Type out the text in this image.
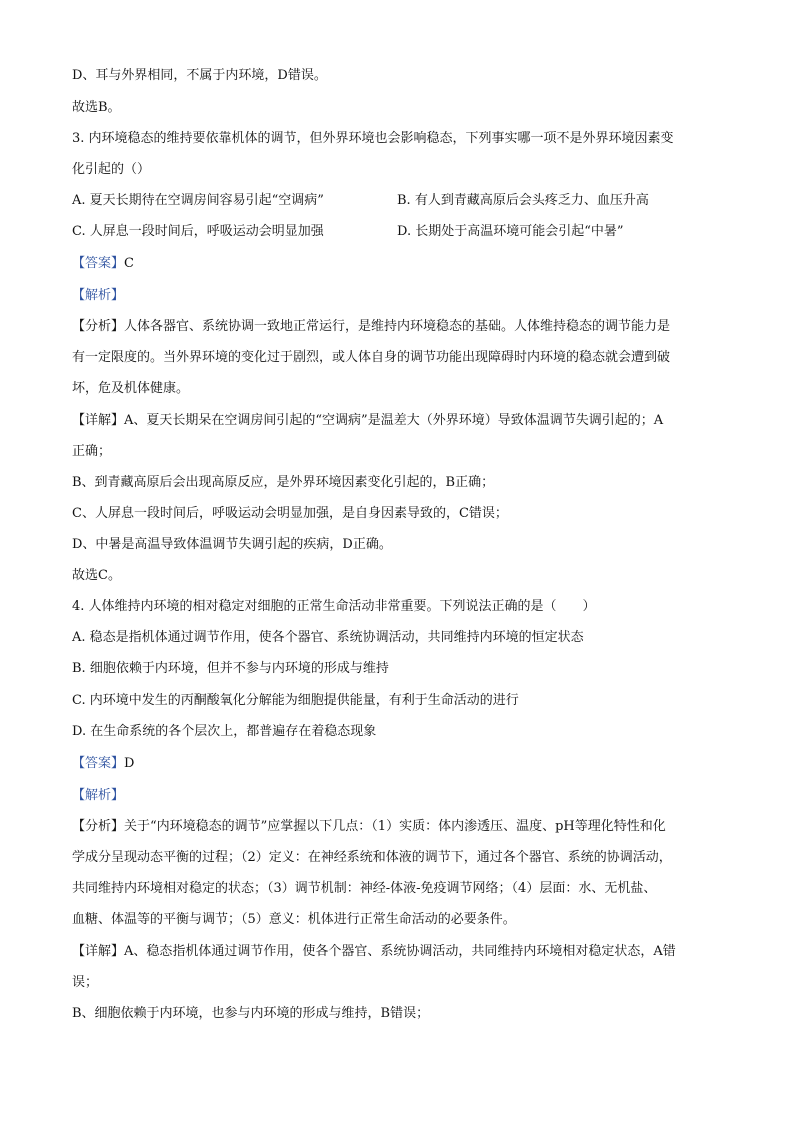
D、耳与外界相同，不属于内环境，D错误。
故选B。
3. 内环境稳态的维持要依靠机体的调节，但外界环境也会影响稳态，下列事实哪一项不是外界环境因素变
化引起的（）
A. 夏天长期待在空调房间容易引起“空调病”	B. 有人到青藏高原后会头疼乏力、血压升高
C. 人屏息一段时间后，呼吸运动会明显加强	D. 长期处于高温环境可能会引起“中暑”
【答案】C
【解析】
【分析】人体各器官、系统协调一致地正常运行，是维持内环境稳态的基础。人体维持稳态的调节能力是
有一定限度的。当外界环境的变化过于剧烈，或人体自身的调节功能出现障碍时内环境的稳态就会遭到破
坏，危及机体健康。
【详解】A、夏天长期呆在空调房间引起的“空调病”是温差大（外界环境）导致体温调节失调引起的；A
正确；
B、到青藏高原后会出现高原反应，是外界环境因素变化引起的，B正确；
C、人屏息一段时间后，呼吸运动会明显加强，是自身因素导致的，C错误；
D、中暑是高温导致体温调节失调引起的疾病，D正确。
故选C。
4. 人体维持内环境的相对稳定对细胞的正常生命活动非常重要。下列说法正确的是（　　）
A. 稳态是指机体通过调节作用，使各个器官、系统协调活动，共同维持内环境的恒定状态
B. 细胞依赖于内环境，但并不参与内环境的形成与维持
C. 内环境中发生的丙酮酸氧化分解能为细胞提供能量，有利于生命活动的进行
D. 在生命系统的各个层次上，都普遍存在着稳态现象
【答案】D
【解析】
【分析】关于“内环境稳态的调节”应掌握以下几点：（1）实质：体内渗透压、温度、pH等理化特性和化
学成分呈现动态平衡的过程；（2）定义：在神经系统和体液的调节下，通过各个器官、系统的协调活动，
共同维持内环境相对稳定的状态；（3）调节机制：神经-体液-免疫调节网络；（4）层面：水、无机盐、
血糖、体温等的平衡与调节；（5）意义：机体进行正常生命活动的必要条件。
【详解】A、稳态指机体通过调节作用，使各个器官、系统协调活动，共同维持内环境相对稳定状态，A错
误；
B、细胞依赖于内环境，也参与内环境的形成与维持，B错误；
